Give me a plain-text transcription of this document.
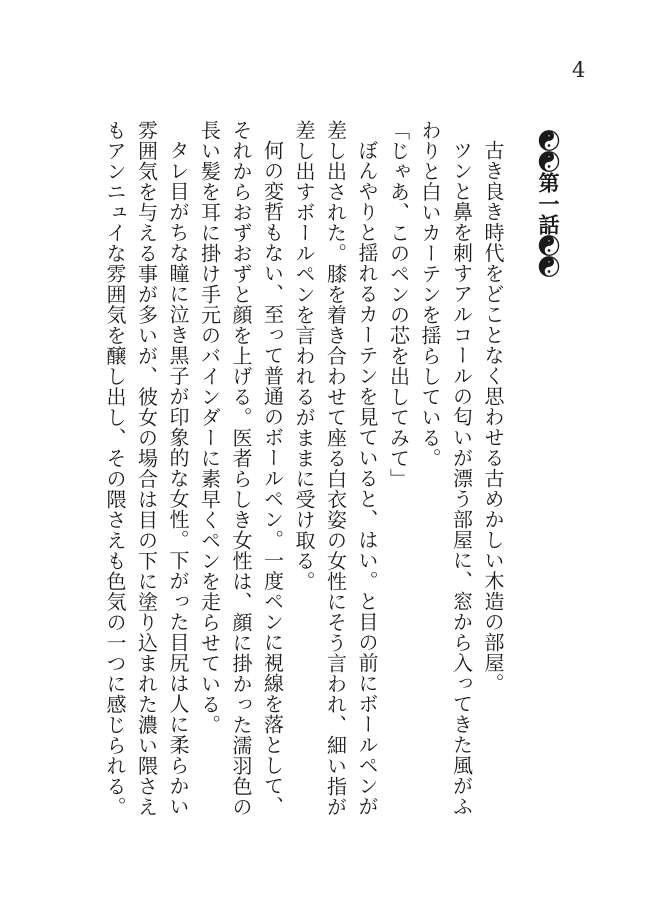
4
☯☯第一話☯☯

古き良き時代をどことなく思わせる古めかしい木造の部屋。

ツンと鼻を刺すアルコールの匂いが漂う部屋に、窓から入ってきた風がふわりと白いカーテンを揺らしている。

「じゃあ、このペンの芯を出してみて」

ぼんやりと揺れるカーテンを見ていると、はい。と目の前にボールペンが差し出された。膝を着き合わせて座る白衣姿の女性にそう言われ、細い指が差し出すボールペンを言われるがままに受け取る。

何の変哲もない、至って普通のボールペン。一度ペンに視線を落として、それからおずおずと顔を上げる。医者らしき女性は、顔に掛かった濡羽色の長い髪を耳に掛け手元のバインダーに素早くペンを走らせている。

タレ目がちな瞳に泣き黒子が印象的な女性。下がった目尻は人に柔らかい雰囲気を与える事が多いが、彼女の場合は目の下に塗り込まれた濃い隈さえもアンニュイな雰囲気を醸し出し、その隈さえも色気の一つに感じられる。
